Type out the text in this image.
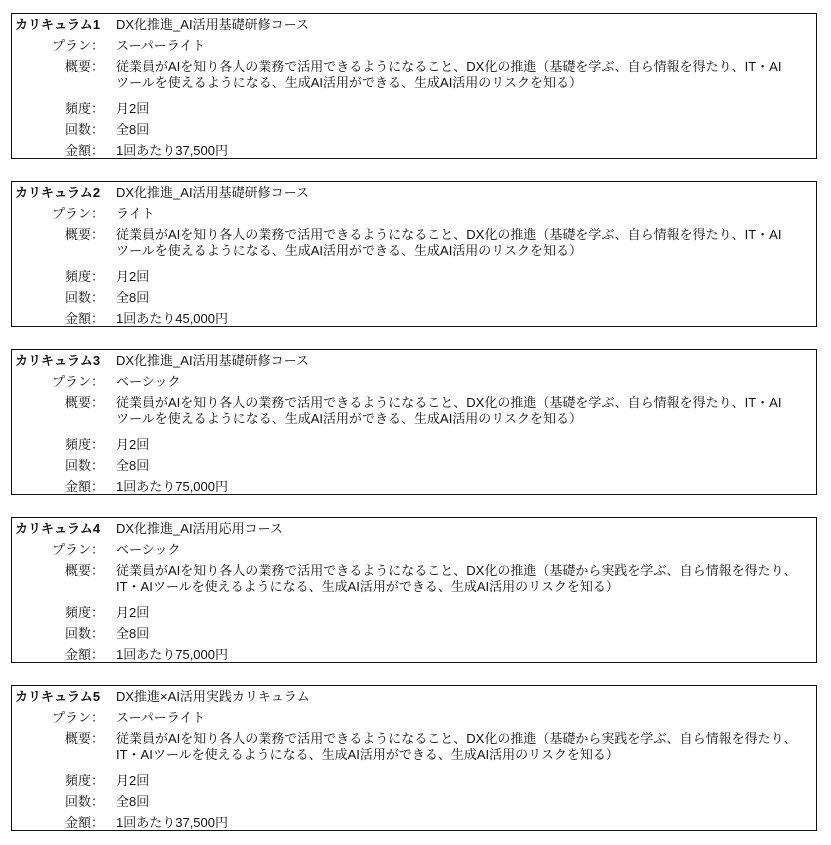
カリキュラム1 DX化推進_AI活用基礎研修コース
プラン： スーパーライト
概要： 従業員がAIを知り各人の業務で活用できるようになること、DX化の推進（基礎を学ぶ、自ら情報を得たり、IT・AI
ツールを使えるようになる、生成AI活用ができる、生成AI活用のリスクを知る）
頻度： 月2回
回数： 全8回
金額： 1回あたり37,500円
カリキュラム2 DX化推進_AI活用基礎研修コース
プラン： ライト
概要： 従業員がAIを知り各人の業務で活用できるようになること、DX化の推進（基礎を学ぶ、自ら情報を得たり、IT・AI
ツールを使えるようになる、生成AI活用ができる、生成AI活用のリスクを知る）
頻度： 月2回
回数： 全8回
金額： 1回あたり45,000円
カリキュラム3 DX化推進_AI活用基礎研修コース
プラン： ベーシック
概要： 従業員がAIを知り各人の業務で活用できるようになること、DX化の推進（基礎を学ぶ、自ら情報を得たり、IT・AI
ツールを使えるようになる、生成AI活用ができる、生成AI活用のリスクを知る）
頻度： 月2回
回数： 全8回
金額： 1回あたり75,000円
カリキュラム4 DX化推進_AI活用応用コース
プラン： ベーシック
概要： 従業員がAIを知り各人の業務で活用できるようになること、DX化の推進（基礎から実践を学ぶ、自ら情報を得たり、
IT・AIツールを使えるようになる、生成AI活用ができる、生成AI活用のリスクを知る）
頻度： 月2回
回数： 全8回
金額： 1回あたり75,000円
カリキュラム5 DX推進×AI活用実践カリキュラム
プラン： スーパーライト
概要： 従業員がAIを知り各人の業務で活用できるようになること、DX化の推進（基礎から実践を学ぶ、自ら情報を得たり、
IT・AIツールを使えるようになる、生成AI活用ができる、生成AI活用のリスクを知る）
頻度： 月2回
回数： 全8回
金額： 1回あたり37,500円
